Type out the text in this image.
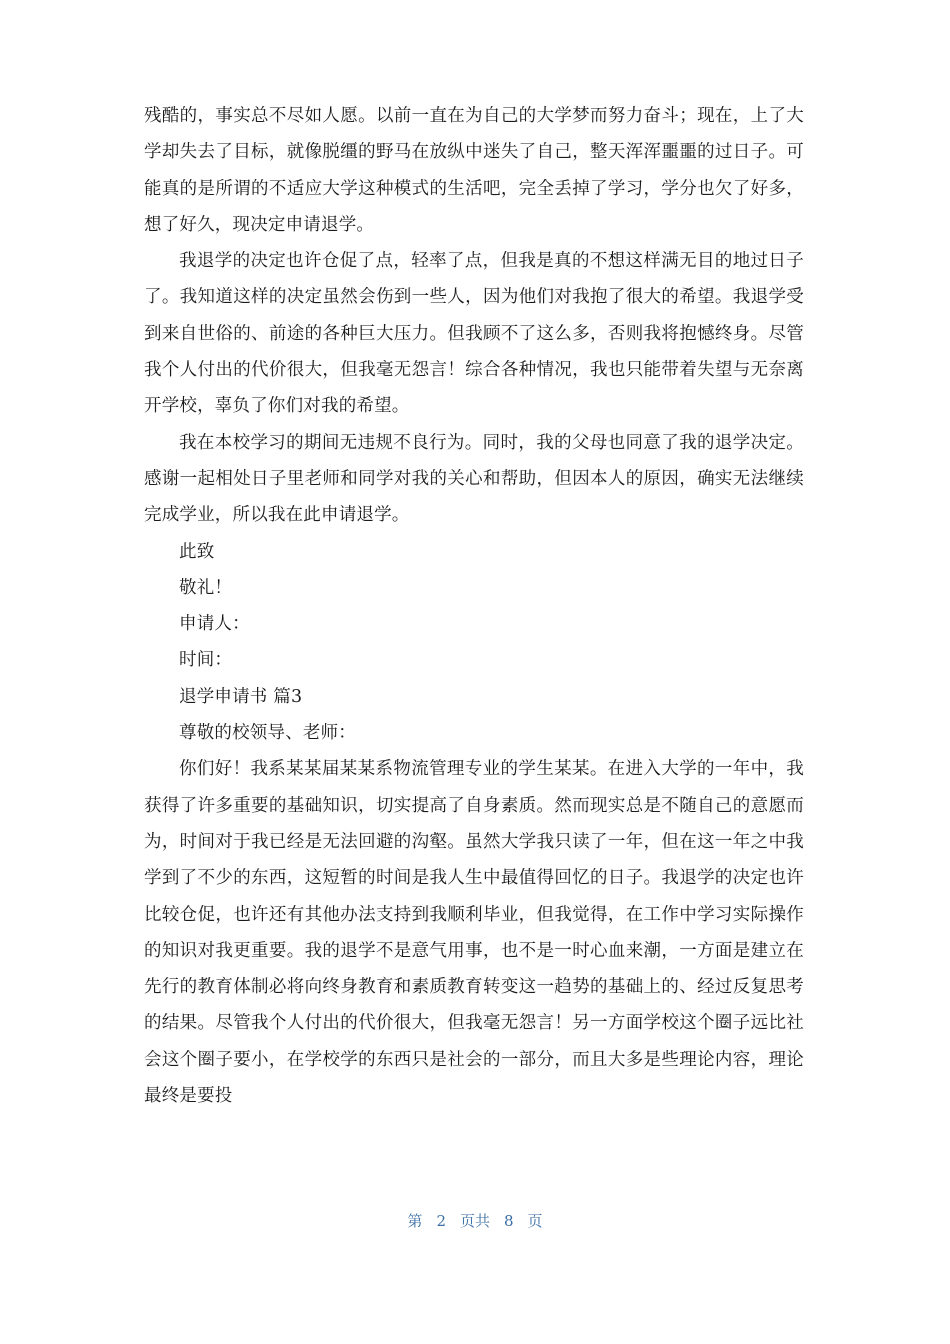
残酷的，事实总不尽如人愿。以前一直在为自己的大学梦而努力奋斗；现在，上了大学却失去了目标，就像脱缰的野马在放纵中迷失了自己，整天浑浑噩噩的过日子。可能真的是所谓的不适应大学这种模式的生活吧，完全丢掉了学习，学分也欠了好多，想了好久，现决定申请退学。

我退学的决定也许仓促了点，轻率了点，但我是真的不想这样满无目的地过日子了。我知道这样的决定虽然会伤到一些人，因为他们对我抱了很大的希望。我退学受到来自世俗的、前途的各种巨大压力。但我顾不了这么多，否则我将抱憾终身。尽管我个人付出的代价很大，但我毫无怨言！综合各种情况，我也只能带着失望与无奈离开学校，辜负了你们对我的希望。

我在本校学习的期间无违规不良行为。同时，我的父母也同意了我的退学决定。感谢一起相处日子里老师和同学对我的关心和帮助，但因本人的原因，确实无法继续完成学业，所以我在此申请退学。

此致

敬礼！

申请人：

时间：

退学申请书 篇3

尊敬的校领导、老师：

你们好！我系某某届某某系物流管理专业的学生某某。在进入大学的一年中，我获得了许多重要的基础知识，切实提高了自身素质。然而现实总是不随自己的意愿而为，时间对于我已经是无法回避的沟壑。虽然大学我只读了一年，但在这一年之中我学到了不少的东西，这短暂的时间是我人生中最值得回忆的日子。我退学的决定也许比较仓促，也许还有其他办法支持到我顺利毕业，但我觉得，在工作中学习实际操作的知识对我更重要。我的退学不是意气用事，也不是一时心血来潮，一方面是建立在先行的教育体制必将向终身教育和素质教育转变这一趋势的基础上的、经过反复思考的结果。尽管我个人付出的代价很大，但我毫无怨言！另一方面学校这个圈子远比社会这个圈子要小，在学校学的东西只是社会的一部分，而且大多是些理论内容，理论最终是要投

第 2 页共 8 页
